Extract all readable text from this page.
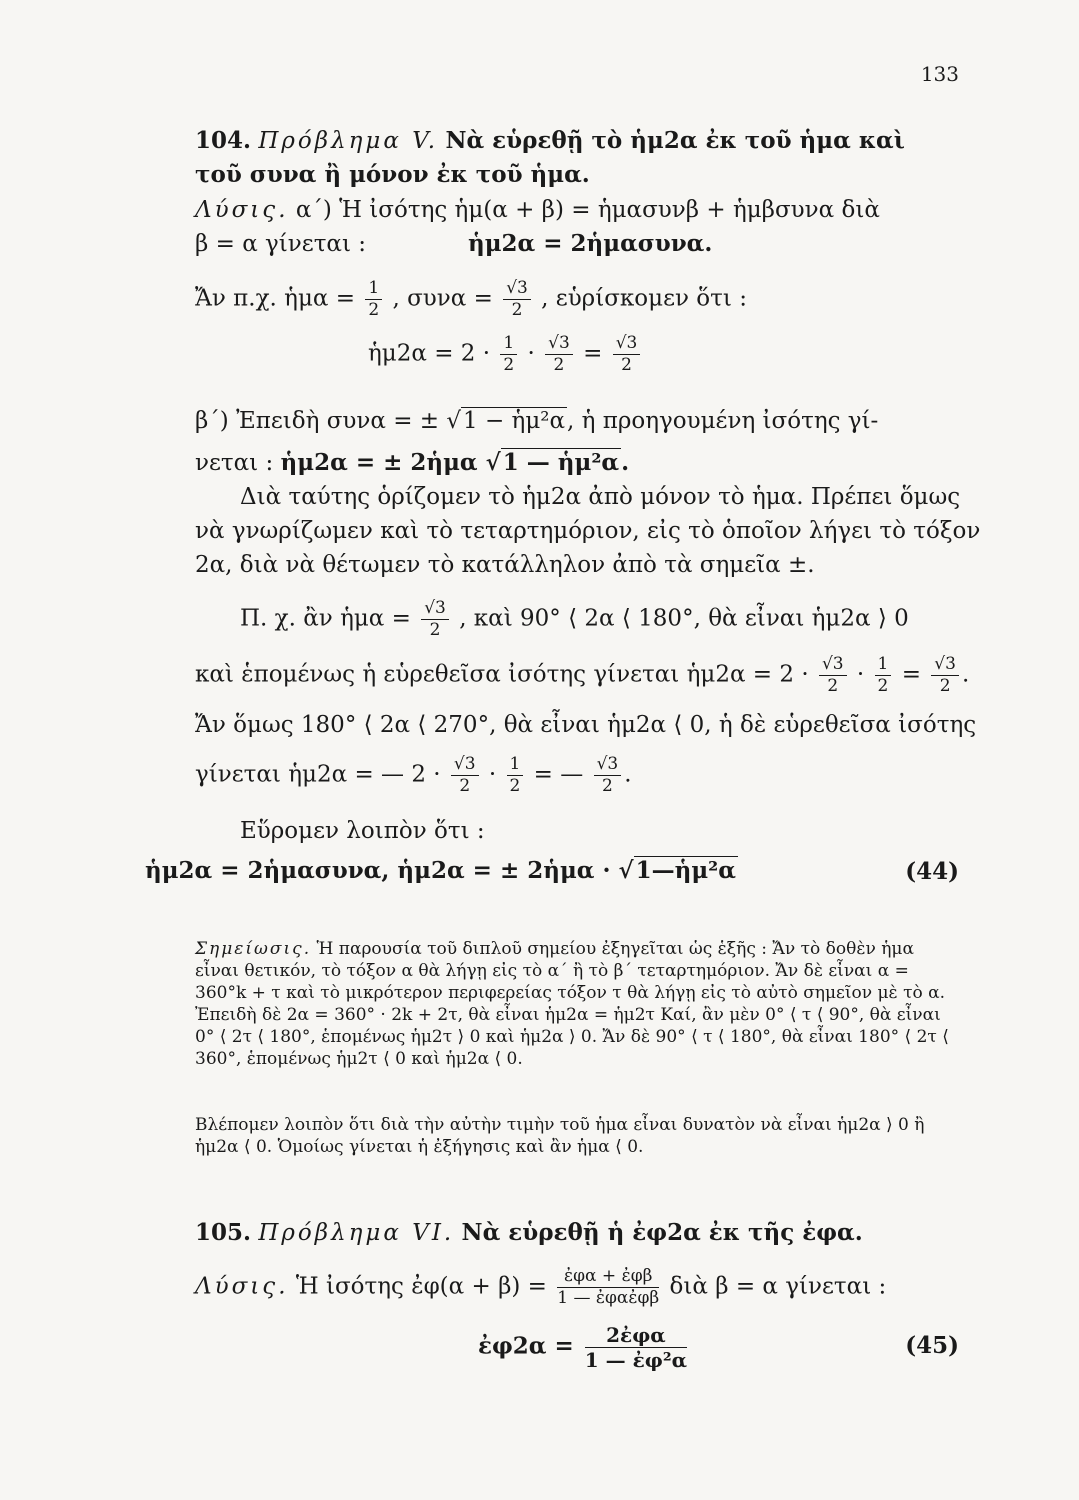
133
104. Πρόβλημα V. Νὰ εὑρεθῇ τὸ ἡμ2α ἐκ τοῦ ἡμα καὶ
τοῦ συνα ἢ μόνον ἐκ τοῦ ἡμα.
Λύσις. α΄) Ἡ ἰσότης ἡμ(α + β) = ἡμασυνβ + ἡμβσυνα διὰ
β = α γίνεται :	ἡμ2α = 2ἡμασυνα.
Ἄν π.χ. ἡμα = $\frac{1}{2}$ , $\sigma\upsilon\nu\alpha = \frac{√3}{2}$ , εὑρίσκομεν ὅτι :
ἡμ2α = $2 \cdot \frac{1}{2} \cdot \frac{√3}{2} = \frac{√3}{2}$
β΄) Ἐπειδὴ συνα = ± √1 − ἡμ²α, ἡ προηγουμένη ἰσότης γί-
νεται : ἡμ2α = ± 2ἡμα √1 — ἡμ²α.
Διὰ ταύτης ὁρίζομεν τὸ ἡμ2α ἀπὸ μόνον τὸ ἡμα. Πρέπει ὅμως
νὰ γνωρίζωμεν καὶ τὸ τεταρτημόριον, εἰς τὸ ὁποῖον λήγει τὸ τόξον
2α, διὰ νὰ θέτωμεν τὸ κατάλληλον ἀπὸ τὰ σημεῖα ±.
Π. χ. ἂν ἡμα = $\frac{√3}{2}$ , καὶ 90° ⟨ 2α ⟨ 180°, θὰ εἶναι ἡμ2α ⟩ 0
καὶ ἑπομένως ἡ εὑρεθεῖσα ἰσότης γίνεται ἡμ2α = $2 \cdot \frac{√3}{2} \cdot \frac{1}{2} = \frac{√3}{2}$ .
Ἄν ὅμως 180° ⟨ 2α ⟨ 270°, θὰ εἶναι ἡμ2α ⟨ 0, ἡ δὲ εὑρεθεῖσα ἰσότης
γίνεται ἡμ2α = — $2 \cdot \frac{√3}{2} \cdot \frac{1}{2}$ = — $\frac{√3}{2}$ .
Εὕρομεν λοιπὸν ὅτι :
ἡμ2α = 2ἡμασυνα, ἡμ2α = ± 2ἡμα · √1—ἡμ²α	(44)
Σημείωσις. Ἡ παρουσία τοῦ διπλοῦ σημείου ἐξηγεῖται ὡς ἑξῆς : Ἄν τὸ δοθὲν ἡμα εἶναι θετικόν, τὸ τόξον α θὰ λήγῃ εἰς τὸ α΄ ἢ τὸ β΄ τεταρτημόριον. Ἄν δὲ εἶναι α = 360°k + τ καὶ τὸ μικρότερον περιφερείας τόξον τ θὰ λήγῃ εἰς τὸ αὐτὸ σημεῖον μὲ τὸ α. Ἐπειδὴ δὲ 2α = 360° · 2k + 2τ, θὰ εἶναι ἡμ2α = ἡμ2τ Καί, ἂν μὲν 0° ⟨ τ ⟨ 90°, θὰ εἶναι 0° ⟨ 2τ ⟨ 180°, ἑπομένως ἡμ2τ ⟩ 0 καὶ ἡμ2α ⟩ 0. Ἄν δὲ 90° ⟨ τ ⟨ 180°, θὰ εἶναι 180° ⟨ 2τ ⟨ 360°, ἑπομένως ἡμ2τ ⟨ 0 καὶ ἡμ2α ⟨ 0.
Βλέπομεν λοιπὸν ὅτι διὰ τὴν αὐτὴν τιμὴν τοῦ ἡμα εἶναι δυνατὸν νὰ εἶναι ἡμ2α ⟩ 0 ἢ ἡμ2α ⟨ 0. Ὁμοίως γίνεται ἡ ἐξήγησις καὶ ἂν ἡμα ⟨ 0.
105. Πρόβλημα VI. Νὰ εὑρεθῇ ἡ ἐφ2α ἐκ τῆς ἐφα.
Λύσις. Ἡ ἰσότης ἐφ(α + β) =	ἐφα + ἐφβ
1 — ἐφαἐφβ διὰ β = α γίνεται :
ἐφ2α =	2ἐφα
1 — ἐφ²α
(45)
